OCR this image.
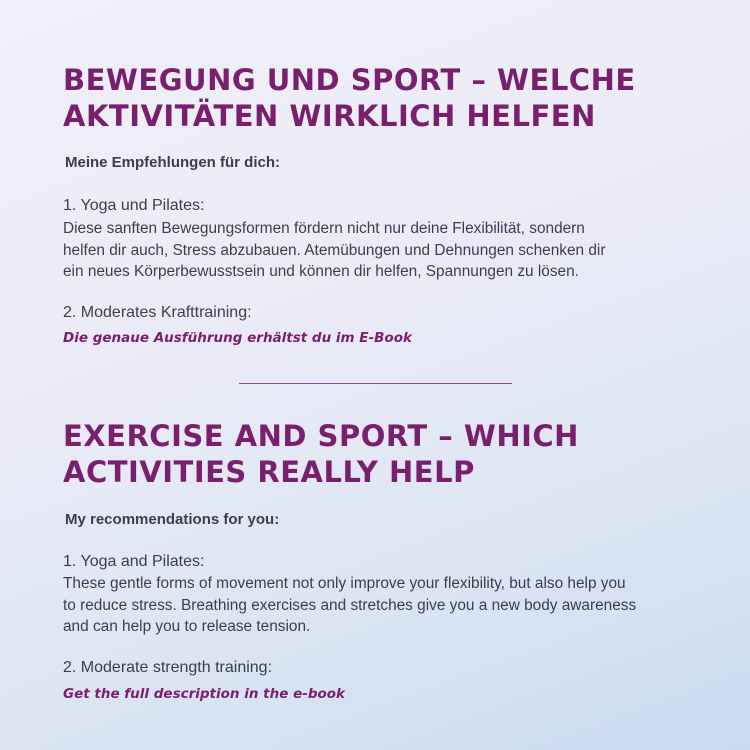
BEWEGUNG UND SPORT – WELCHE

AKTIVITÄTEN WIRKLICH HELFEN

Meine Empfehlungen für dich:

1. Yoga und Pilates:

Diese sanften Bewegungsformen fördern nicht nur deine Flexibilität, sondern

helfen dir auch, Stress abzubauen. Atemübungen und Dehnungen schenken dir

ein neues Körperbewusstsein und können dir helfen, Spannungen zu lösen.

2. Moderates Krafttraining:

Die genaue Ausführung erhältst du im E-Book

EXERCISE AND SPORT – WHICH

ACTIVITIES REALLY HELP

My recommendations for you:

1. Yoga and Pilates:

These gentle forms of movement not only improve your flexibility, but also help you

to reduce stress. Breathing exercises and stretches give you a new body awareness

and can help you to release tension.

2. Moderate strength training:

Get the full description in the e-book
